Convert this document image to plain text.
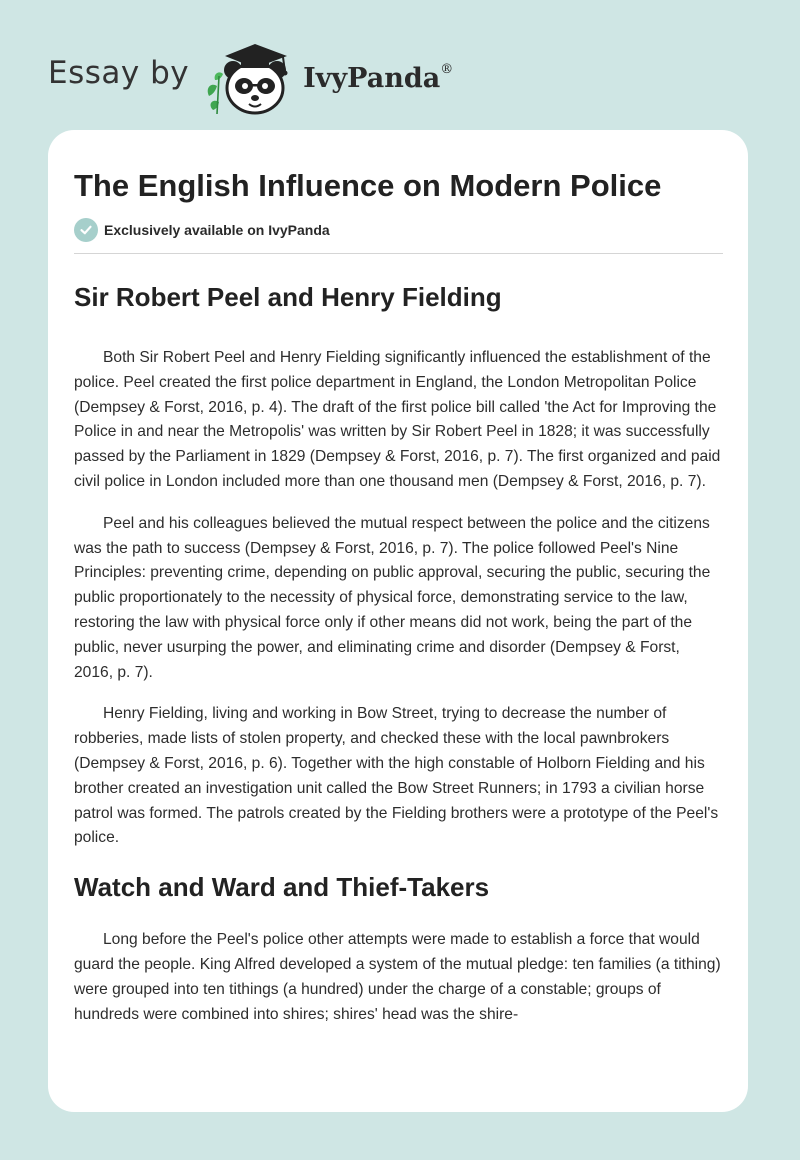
Essay by	IvyPanda®
The English Influence on Modern Police
Exclusively available on IvyPanda
Sir Robert Peel and Henry Fielding

Both Sir Robert Peel and Henry Fielding significantly influenced the establishment of the police. Peel created the first police department in England, the London Metropolitan Police (Dempsey & Forst, 2016, p. 4). The draft of the first police bill called 'the Act for Improving the Police in and near the Metropolis' was written by Sir Robert Peel in 1828; it was successfully passed by the Parliament in 1829 (Dempsey & Forst, 2016, p. 7). The first organized and paid civil police in London included more than one thousand men (Dempsey & Forst, 2016, p. 7).

Peel and his colleagues believed the mutual respect between the police and the citizens was the path to success (Dempsey & Forst, 2016, p. 7). The police followed Peel's Nine Principles: preventing crime, depending on public approval, securing the public, securing the public proportionately to the necessity of physical force, demonstrating service to the law, restoring the law with physical force only if other means did not work, being the part of the public, never usurping the power, and eliminating crime and disorder (Dempsey & Forst, 2016, p. 7).

Henry Fielding, living and working in Bow Street, trying to decrease the number of robberies, made lists of stolen property, and checked these with the local pawnbrokers (Dempsey & Forst, 2016, p. 6). Together with the high constable of Holborn Fielding and his brother created an investigation unit called the Bow Street Runners; in 1793 a civilian horse patrol was formed. The patrols created by the Fielding brothers were a prototype of the Peel's police.

Watch and Ward and Thief-Takers

Long before the Peel's police other attempts were made to establish a force that would guard the people. King Alfred developed a system of the mutual pledge: ten families (a tithing) were grouped into ten tithings (a hundred) under the charge of a constable; groups of hundreds were combined into shires; shires' head was the shire-
